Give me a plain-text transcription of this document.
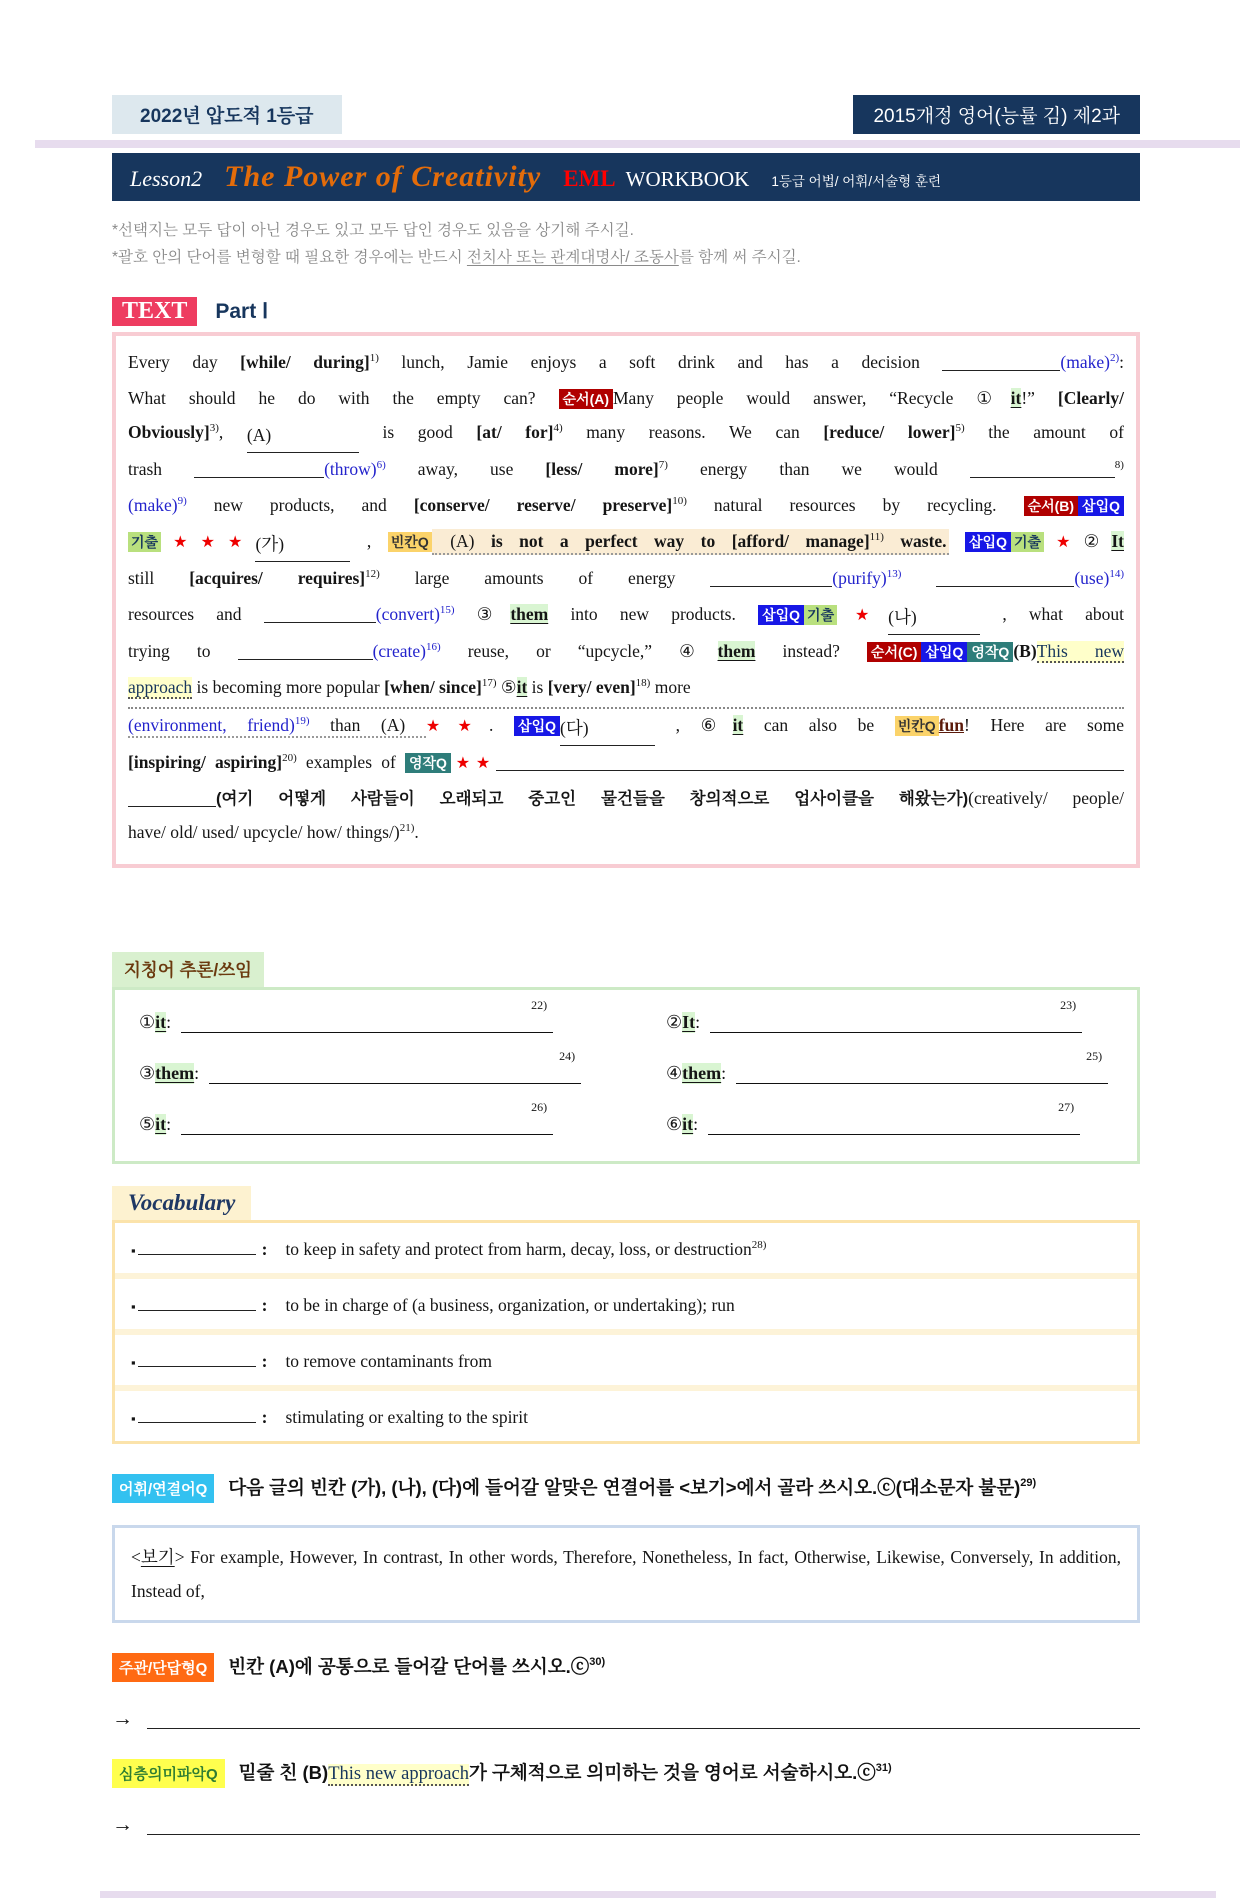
2022년 압도적 1등급	2015개정 영어(능률 김) 제2과
Lesson2 The Power of Creativity EML WORKBOOK 1등급 어법/ 어휘/서술형 훈련
*선택지는 모두 답이 아닌 경우도 있고 모두 답인 경우도 있음을 상기해 주시길.
*괄호 안의 단어를 변형할 때 필요한 경우에는 반드시 전치사 또는 관계대명사/ 조동사를 함께 써 주시길.
TEXT Part Ⅰ
Every day [while/ during]$^{1)}$ lunch, Jamie enjoys a soft drink and has a decision	(make)$^{2)}$:
What should he do with the empty can? 순서(A) Many people would answer, “Recycle ①it!” [Clearly/
Obviously]$^{3)}$, (A)	is good [at/ for]$^{4)}$ many reasons. We can [reduce/ lower]$^{5)}$ the amount of
trash	(throw)$^{6)}$ away, use [less/ more]$^{7)}$ energy than we would	$^{8)}$
(make)$^{9)}$ new products, and [conserve/ reserve/ preserve]$^{10)}$ natural resources by recycling. 순서(B) 삽입Q
기출 ★★★(가)	, 빈칸Q (A) is not a perfect way to [afford/ manage]$^{11)}$ waste. 삽입Q 기출 ★②It
still [acquires/ requires]$^{12)}$ large amounts of energy	(purify)$^{13)}$	(use)$^{14)}$
resources and	(convert)$^{15)}$ ③them into new products. 삽입Q 기출 ★(나)	, what about
trying to	(create)$^{16)}$ reuse, or “upcycle,” ④them instead? 순서(C) 삽입Q 영작Q (B)This new
approach is becoming more popular [when/ since]$^{17)}$ ⑤it is [very/ even]$^{18)}$ more
(environment, friend)$^{19)}$ than (A) ★★. 삽입Q (다)	, ⑥it can also be 빈칸Q fun! Here are some
[inspiring/ aspiring]$^{20)}$ examples of 영작Q ★★
(여기 어떻게 사람들이 오래되고 중고인 물건들을 창의적으로 업사이클을 해왔는가)(creatively/ people/
have/ old/ used/ upcycle/ how/ things/)$^{21)}$.
지칭어 추론/쓰임
① it :
22)
② It :
23)
③ them :
24)
④ them :
25)
⑤ it :
26)
⑥ it :
27)
Vocabulary
▪	: to keep in safety and protect from harm, decay, loss, or destruction 28)
▪	: to be in charge of (a business, organization, or undertaking); run
▪	: to remove contaminants from
▪	: stimulating or exalting to the spirit
어휘/연결어Q	다음 글의 빈칸 (가), (나), (다)에 들어갈 알맞은 연결어를 <보기>에서 골라 쓰시오.ⓒ(대소문자 불문)$^{29)}$
<보기> For example, However, In contrast, In other words, Therefore, Nonetheless, In fact, Otherwise, Likewise, Conversely, In addition, Instead of,
주관/단답형Q	빈칸 (A)에 공통으로 들어갈 단어를 쓰시오.ⓒ$^{30)}$
→
심층의미파악Q	밑줄 친 (B)This new approach가 구체적으로 의미하는 것을 영어로 서술하시오.ⓒ$^{31)}$
→
